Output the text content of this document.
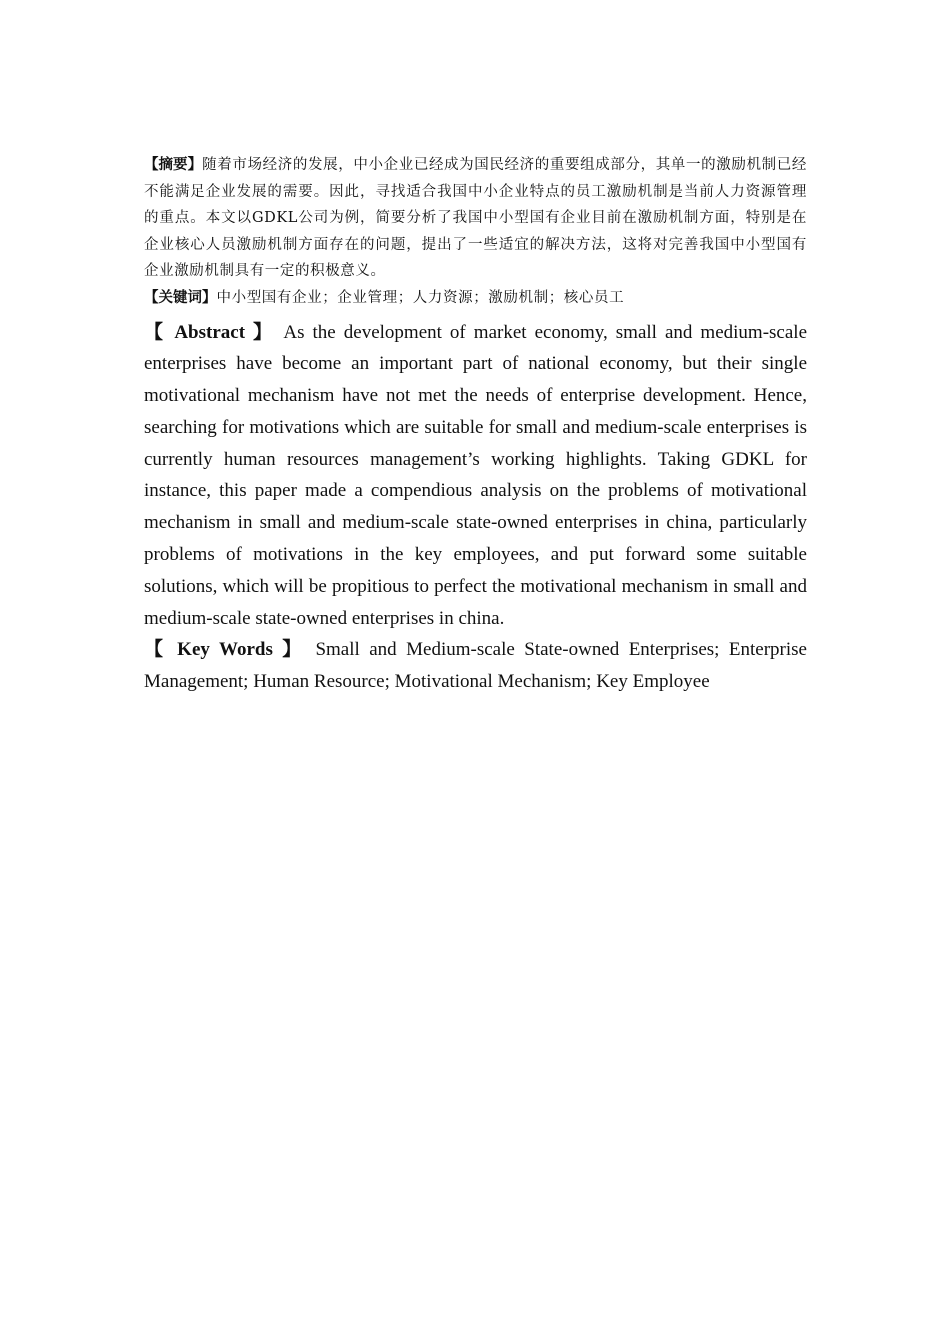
【摘要】随着市场经济的发展，中小企业已经成为国民经济的重要组成部分，其单一的激励机制已经不能满足企业发展的需要。因此，寻找适合我国中小企业特点的员工激励机制是当前人力资源管理的重点。本文以GDKL公司为例，简要分析了我国中小型国有企业目前在激励机制方面，特别是在企业核心人员激励机制方面存在的问题，提出了一些适宜的解决方法，这将对完善我国中小型国有企业激励机制具有一定的积极意义。

【关键词】中小型国有企业；企业管理；人力资源；激励机制；核心员工

【 Abstract 】 As the development of market economy, small and medium-scale enterprises have become an important part of national economy, but their single motivational mechanism have not met the needs of enterprise development. Hence, searching for motivations which are suitable for small and medium-scale enterprises is currently human resources management’s working highlights. Taking GDKL for instance, this paper made a compendious analysis on the problems of motivational mechanism in small and medium-scale state-owned enterprises in china, particularly problems of motivations in the key employees, and put forward some suitable solutions, which will be propitious to perfect the motivational mechanism in small and medium-scale state-owned enterprises in china.

【 Key Words 】 Small and Medium-scale State-owned Enterprises; Enterprise Management; Human Resource; Motivational Mechanism; Key Employee
